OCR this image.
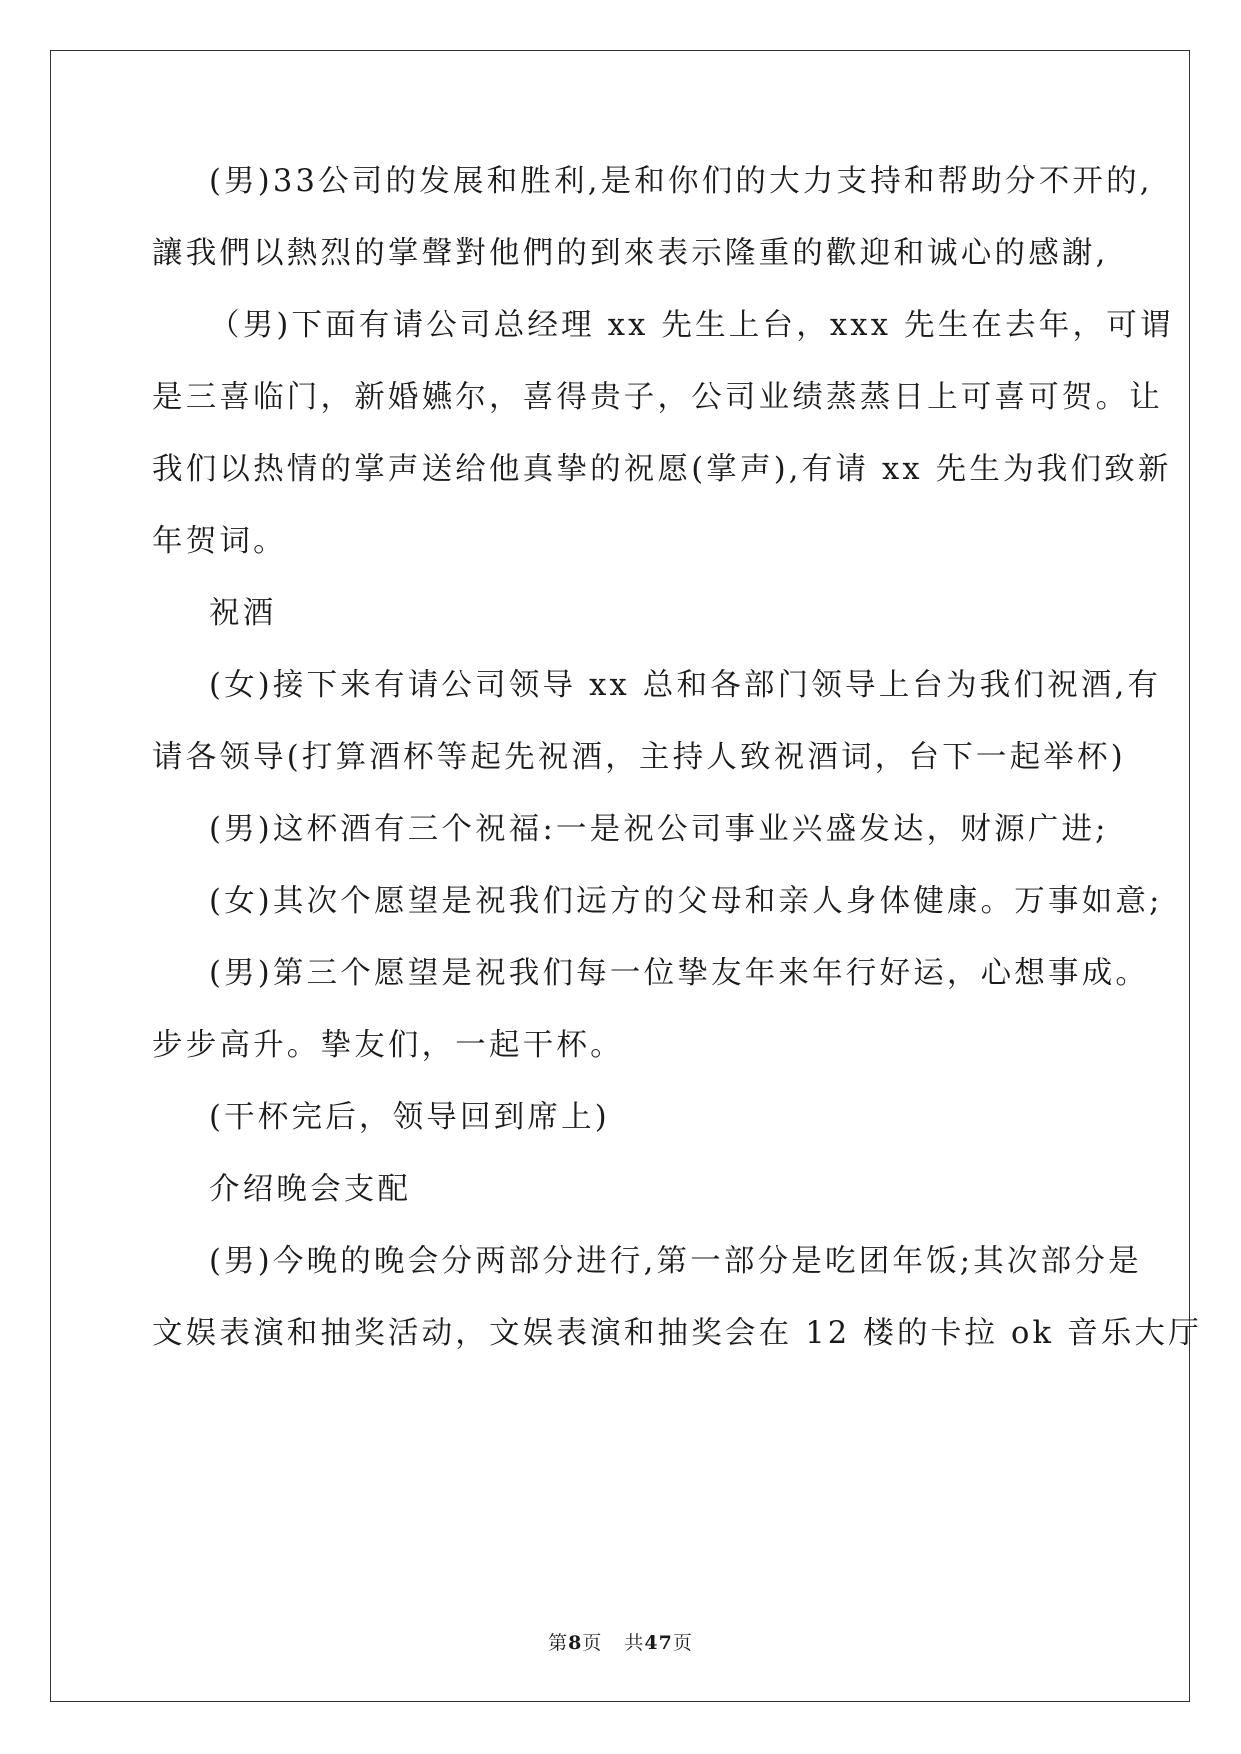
(男)33公司的发展和胜利,是和你们的大力支持和帮助分不开的,
讓我們以熱烈的掌聲對他們的到來表示隆重的歡迎和诚心的感謝,
（男)下面有请公司总经理 xx 先生上台，xxx 先生在去年，可谓
是三喜临门，新婚嬿尔，喜得贵子，公司业绩蒸蒸日上可喜可贺。让
我们以热情的掌声送给他真挚的祝愿(掌声),有请 xx 先生为我们致新
年贺词。
祝酒
(女)接下来有请公司领导 xx 总和各部门领导上台为我们祝酒,有
请各领导(打算酒杯等起先祝酒，主持人致祝酒词，台下一起举杯)
(男)这杯酒有三个祝福:一是祝公司事业兴盛发达，财源广进;
(女)其次个愿望是祝我们远方的父母和亲人身体健康。万事如意;
(男)第三个愿望是祝我们每一位挚友年来年行好运，心想事成。
步步高升。挚友们，一起干杯。
(干杯完后，领导回到席上)
介绍晚会支配
(男)今晚的晚会分两部分进行,第一部分是吃团年饭;其次部分是
文娱表演和抽奖活动，文娱表演和抽奖会在 12 楼的卡拉 ok 音乐大厅
第8页 共47页
